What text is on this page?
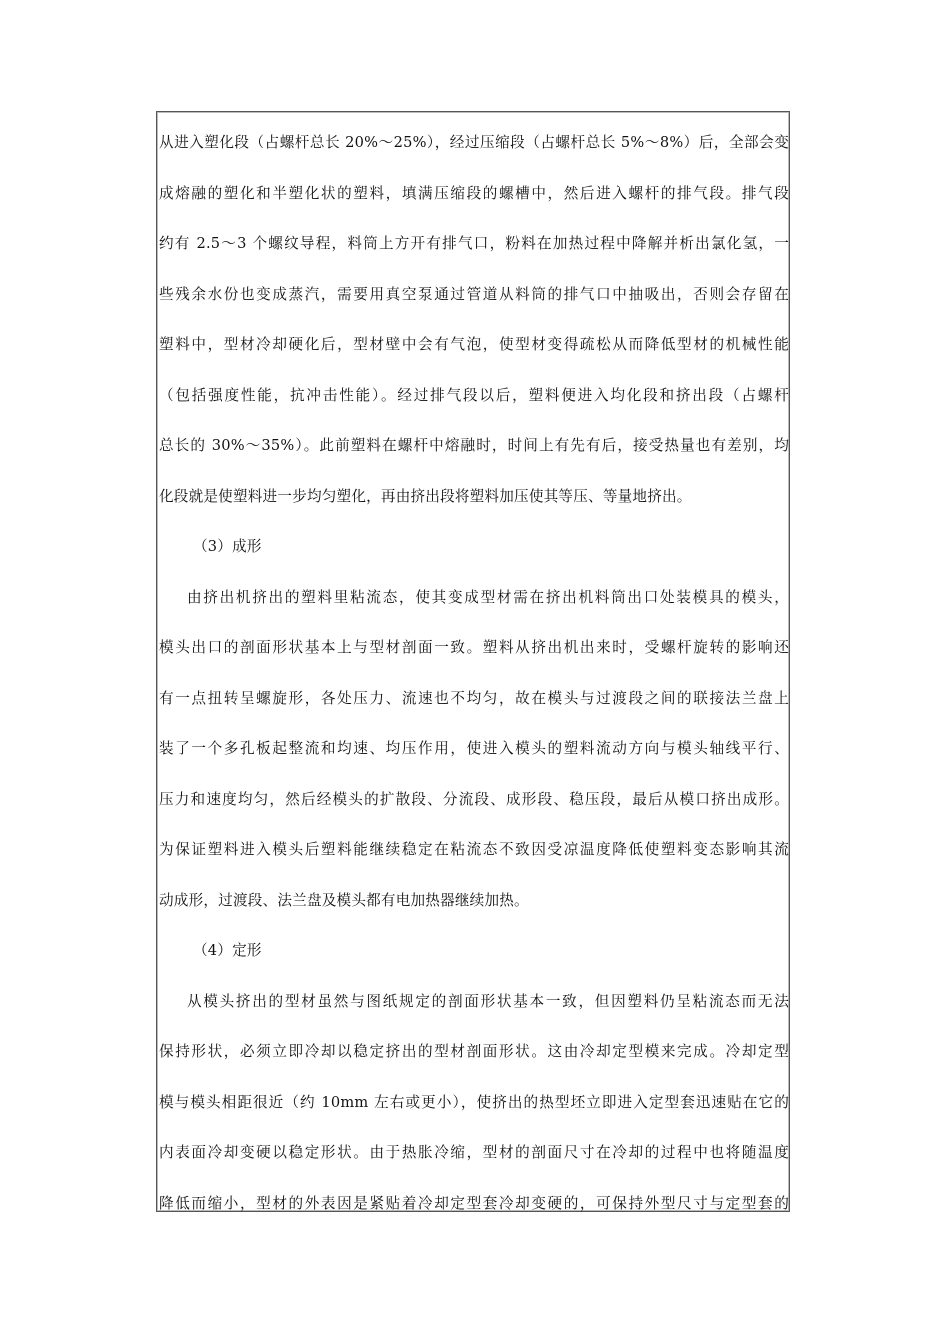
从进入塑化段（占螺杆总长 20%～25%），经过压缩段（占螺杆总长 5%～8%）后，全部会变
成熔融的塑化和半塑化状的塑料，填满压缩段的螺槽中，然后进入螺杆的排气段。排气段
约有 2.5～3 个螺纹导程，料筒上方开有排气口，粉料在加热过程中降解并析出氯化氢，一
些残余水份也变成蒸汽，需要用真空泵通过管道从料筒的排气口中抽吸出，否则会存留在
塑料中，型材冷却硬化后，型材壁中会有气泡，使型材变得疏松从而降低型材的机械性能
（包括强度性能，抗冲击性能）。经过排气段以后，塑料便进入均化段和挤出段（占螺杆
总长的 30%～35%）。此前塑料在螺杆中熔融时，时间上有先有后，接受热量也有差别，均
化段就是使塑料进一步均匀塑化，再由挤出段将塑料加压使其等压、等量地挤出。
（3）成形
由挤出机挤出的塑料里粘流态，使其变成型材需在挤出机料筒出口处装模具的模头，
模头出口的剖面形状基本上与型材剖面一致。塑料从挤出机出来时，受螺杆旋转的影响还
有一点扭转呈螺旋形，各处压力、流速也不均匀，故在模头与过渡段之间的联接法兰盘上
装了一个多孔板起整流和均速、均压作用，使进入模头的塑料流动方向与模头轴线平行、
压力和速度均匀，然后经模头的扩散段、分流段、成形段、稳压段，最后从模口挤出成形。
为保证塑料进入模头后塑料能继续稳定在粘流态不致因受凉温度降低使塑料变态影响其流
动成形，过渡段、法兰盘及模头都有电加热器继续加热。
（4）定形
从模头挤出的型材虽然与图纸规定的剖面形状基本一致，但因塑料仍呈粘流态而无法
保持形状，必须立即冷却以稳定挤出的型材剖面形状。这由冷却定型模来完成。冷却定型
模与模头相距很近（约 10mm 左右或更小），使挤出的热型坯立即进入定型套迅速贴在它的
内表面冷却变硬以稳定形状。由于热胀冷缩，型材的剖面尺寸在冷却的过程中也将随温度
降低而缩小，型材的外表因是紧贴着冷却定型套冷却变硬的，可保持外型尺寸与定型套的
